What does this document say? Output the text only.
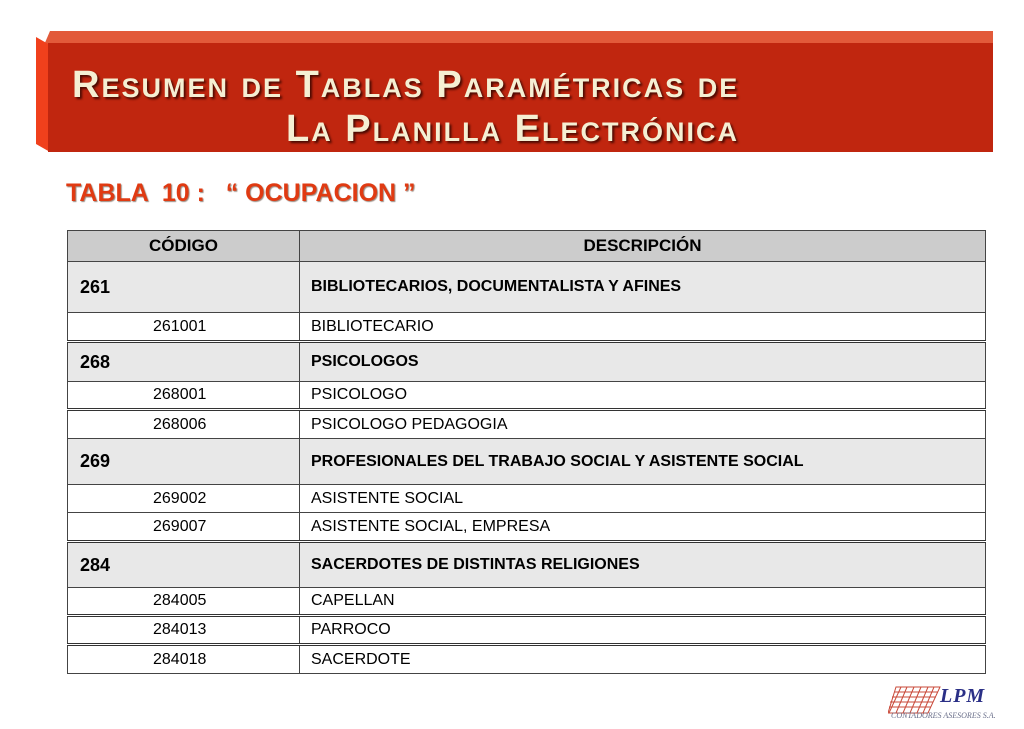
Resumen de Tablas Paramétricas de
La Planilla Electrónica
TABLA  10 :   “ OCUPACION ”
CÓDIGO	DESCRIPCIÓN
261	BIBLIOTECARIOS, DOCUMENTALISTA Y AFINES
261001	BIBLIOTECARIO
268	PSICOLOGOS
268001	PSICOLOGO
268006	PSICOLOGO PEDAGOGIA
269	PROFESIONALES DEL TRABAJO SOCIAL Y ASISTENTE SOCIAL
269002	ASISTENTE SOCIAL
269007	ASISTENTE SOCIAL, EMPRESA
284	SACERDOTES DE DISTINTAS RELIGIONES
284005	CAPELLAN
284013	PARROCO
284018	SACERDOTE

LPM

CONTADORES ASESORES S.A.
